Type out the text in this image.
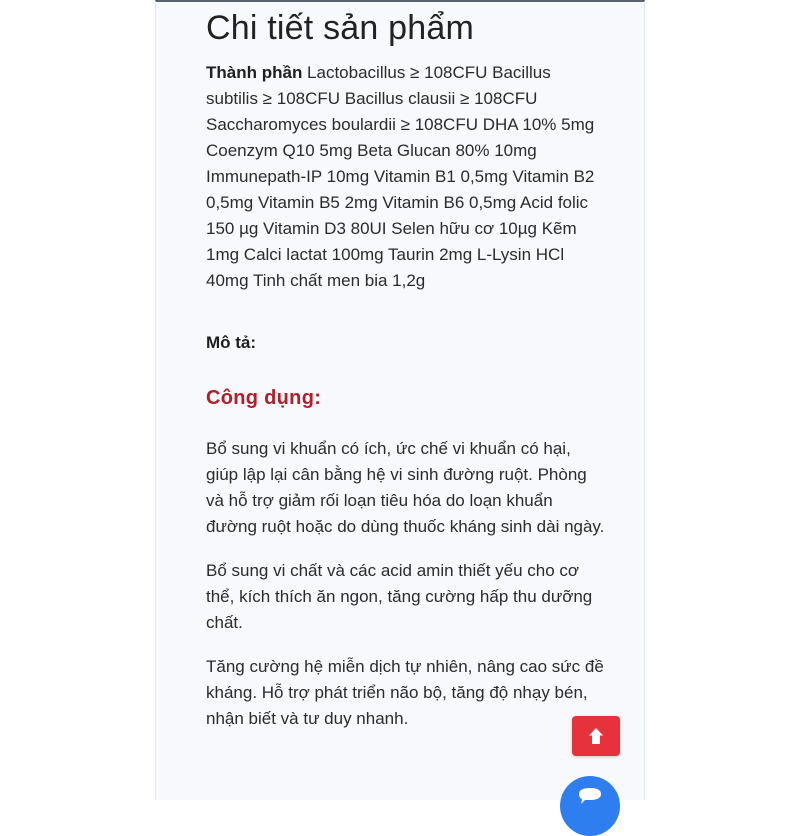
Chi tiết sản phẩm

Thành phần Lactobacillus ≥ 108CFU Bacillus subtilis ≥ 108CFU Bacillus clausii ≥ 108CFU Saccharomyces boulardii ≥ 108CFU DHA 10% 5mg Coenzym Q10 5mg Beta Glucan 80% 10mg Immunepath-IP 10mg Vitamin B1 0,5mg Vitamin B2 0,5mg Vitamin B5 2mg Vitamin B6 0,5mg Acid folic 150 µg Vitamin D3 80UI Selen hữu cơ 10µg Kẽm 1mg Calci lactat 100mg Taurin 2mg L-Lysin HCl 40mg Tinh chất men bia 1,2g

Mô tả:

Công dụng:

Bổ sung vi khuẩn có ích, ức chế vi khuẩn có hại, giúp lập lại cân bằng hệ vi sinh đường ruột. Phòng và hỗ trợ giảm rối loạn tiêu hóa do loạn khuẩn đường ruột hoặc do dùng thuốc kháng sinh dài ngày.

Bổ sung vi chất và các acid amin thiết yếu cho cơ thể, kích thích ăn ngon, tăng cường hấp thu dưỡng chất.

Tăng cường hệ miễn dịch tự nhiên, nâng cao sức đề kháng. Hỗ trợ phát triển não bộ, tăng độ nhạy bén, nhận biết và tư duy nhanh.
